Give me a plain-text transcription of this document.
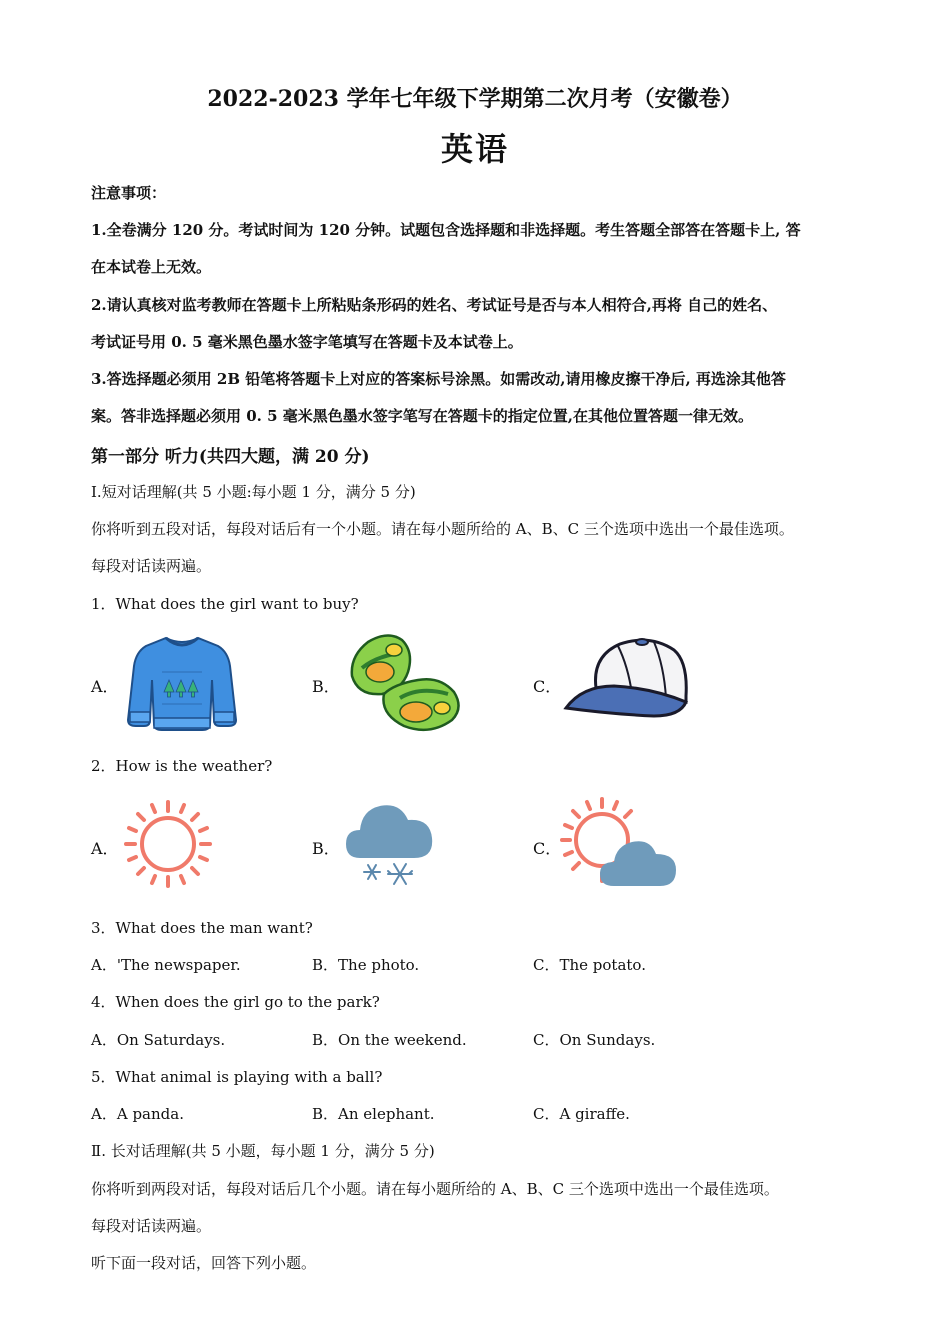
2022-2023 学年七年级下学期第二次月考（安徽卷）
英语
注意事项：
1.全卷满分 120 分。考试时间为 120 分钟。试题包含选择题和非选择题。考生答题全部答在答题卡上, 答
在本试卷上无效。
2.请认真核对监考教师在答题卡上所粘贴条形码的姓名、考试证号是否与本人相符合,再将 自己的姓名、
考试证号用 0. 5 毫米黑色墨水签字笔填写在答题卡及本试卷上。
3.答选择题必须用 2B 铅笔将答题卡上对应的答案标号涂黑。如需改动,请用橡皮擦干净后, 再选涂其他答
案。答非选择题必须用 0. 5 毫米黑色墨水签字笔写在答题卡的指定位置,在其他位置答题一律无效。
第一部分 听力(共四大题，满 20 分)
Ⅰ.短对话理解(共 5 小题:每小题 1 分，满分 5 分)
你将听到五段对话，每段对话后有一个小题。请在每小题所给的 A、B、C 三个选项中选出一个最佳选项。
每段对话读两遍。
1．What does the girl want to buy?
A．	B．	C．
2．How is the weather?
A．	B．	C．
3．What does the man want?
A．'The newspaper.	B．The photo.	C．The potato.
4．When does the girl go to the park?
A．On Saturdays.	B．On the weekend.	C．On Sundays.
5．What animal is playing with a ball?
A．A panda.	B．An elephant.	C．A giraffe.
Ⅱ. 长对话理解(共 5 小题，每小题 1 分，满分 5 分)
你将听到两段对话，每段对话后几个小题。请在每小题所给的 A、B、C 三个选项中选出一个最佳选项。
每段对话读两遍。
听下面一段对话，回答下列小题。
